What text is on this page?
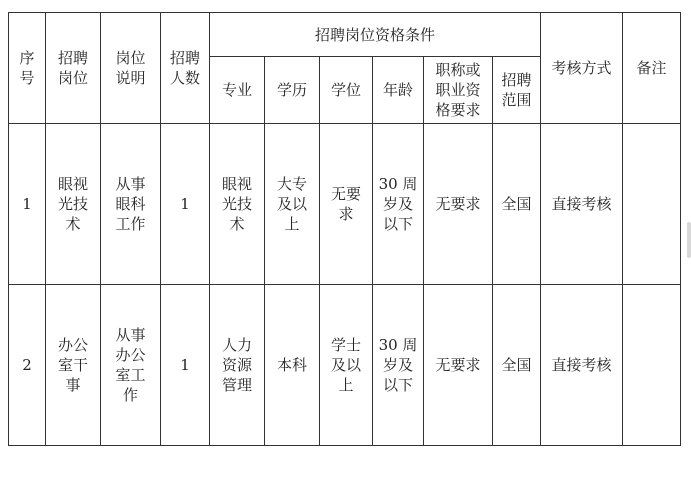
序
号	招聘
岗位	岗位
说明	招聘
人数	招聘岗位资格条件						考核方式	备注
				专业	学历	学位	年龄	职称或
职业资
格要求	招聘
范围		
1	眼视
光技
术	从事
眼科
工作	1	眼视
光技
术	大专
及以
上	无要
求	30 周
岁及
以下	无要求	全国	直接考核	
2	办公
室干
事	从事
办公
室工
作	1	人力
资源
管理	本科	学士
及以
上	30 周
岁及
以下	无要求	全国	直接考核	
